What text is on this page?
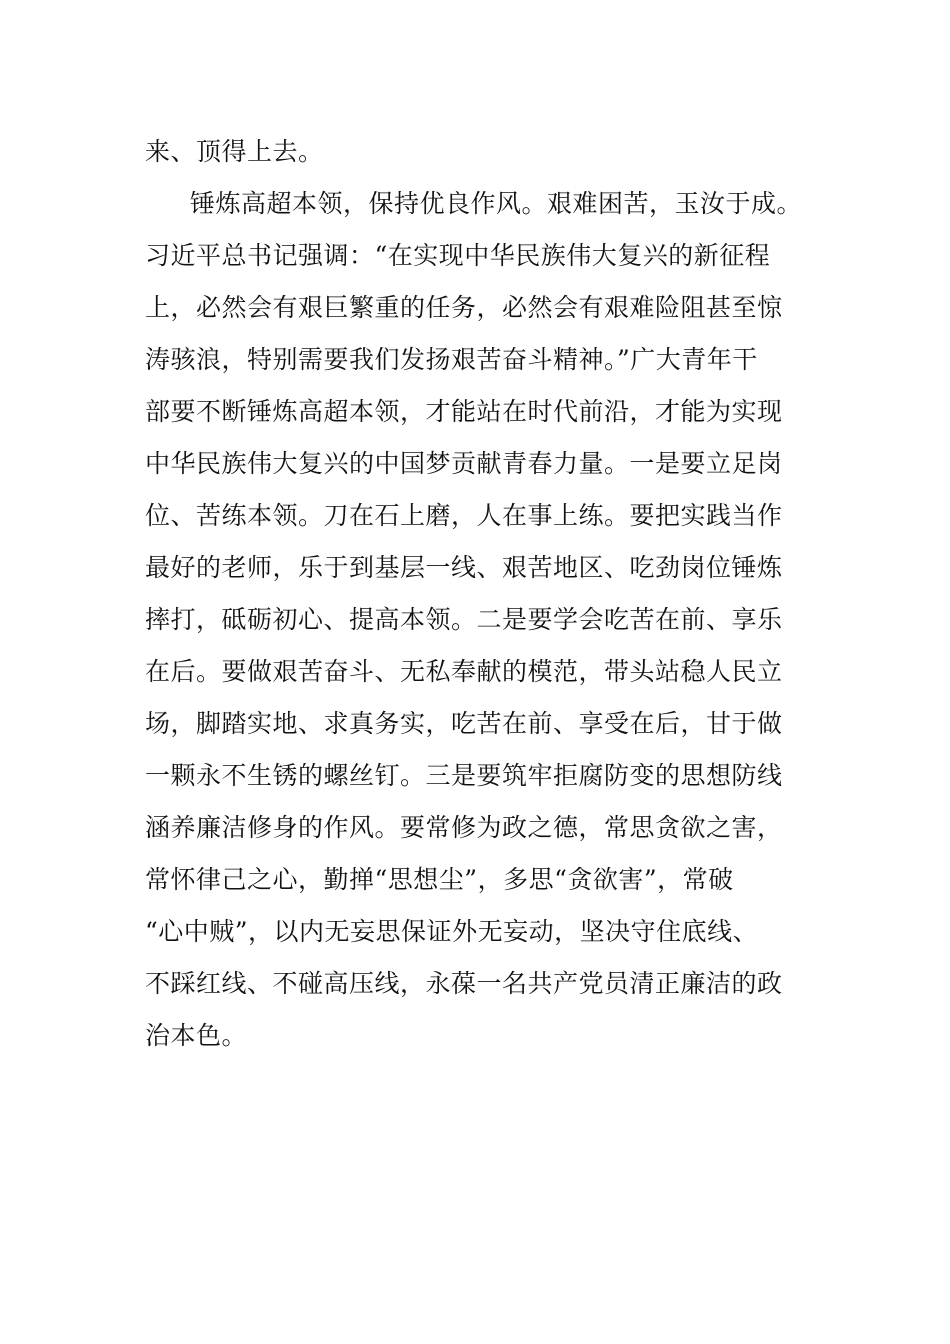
来、顶得上去。
锤炼高超本领，保持优良作风。艰难困苦，玉汝于成。
习近平总书记强调：“在实现中华民族伟大复兴的新征程
上，必然会有艰巨繁重的任务，必然会有艰难险阻甚至惊
涛骇浪，特别需要我们发扬艰苦奋斗精神。”广大青年干
部要不断锤炼高超本领，才能站在时代前沿，才能为实现
中华民族伟大复兴的中国梦贡献青春力量。一是要立足岗
位、苦练本领。刀在石上磨，人在事上练。要把实践当作
最好的老师，乐于到基层一线、艰苦地区、吃劲岗位锤炼
摔打，砥砺初心、提高本领。二是要学会吃苦在前、享乐
在后。要做艰苦奋斗、无私奉献的模范，带头站稳人民立
场，脚踏实地、求真务实，吃苦在前、享受在后，甘于做
一颗永不生锈的螺丝钉。三是要筑牢拒腐防变的思想防线
涵养廉洁修身的作风。要常修为政之德，常思贪欲之害，
常怀律己之心，勤掸“思想尘”，多思“贪欲害”，常破
“心中贼”，以内无妄思保证外无妄动，坚决守住底线、
不踩红线、不碰高压线，永葆一名共产党员清正廉洁的政
治本色。
